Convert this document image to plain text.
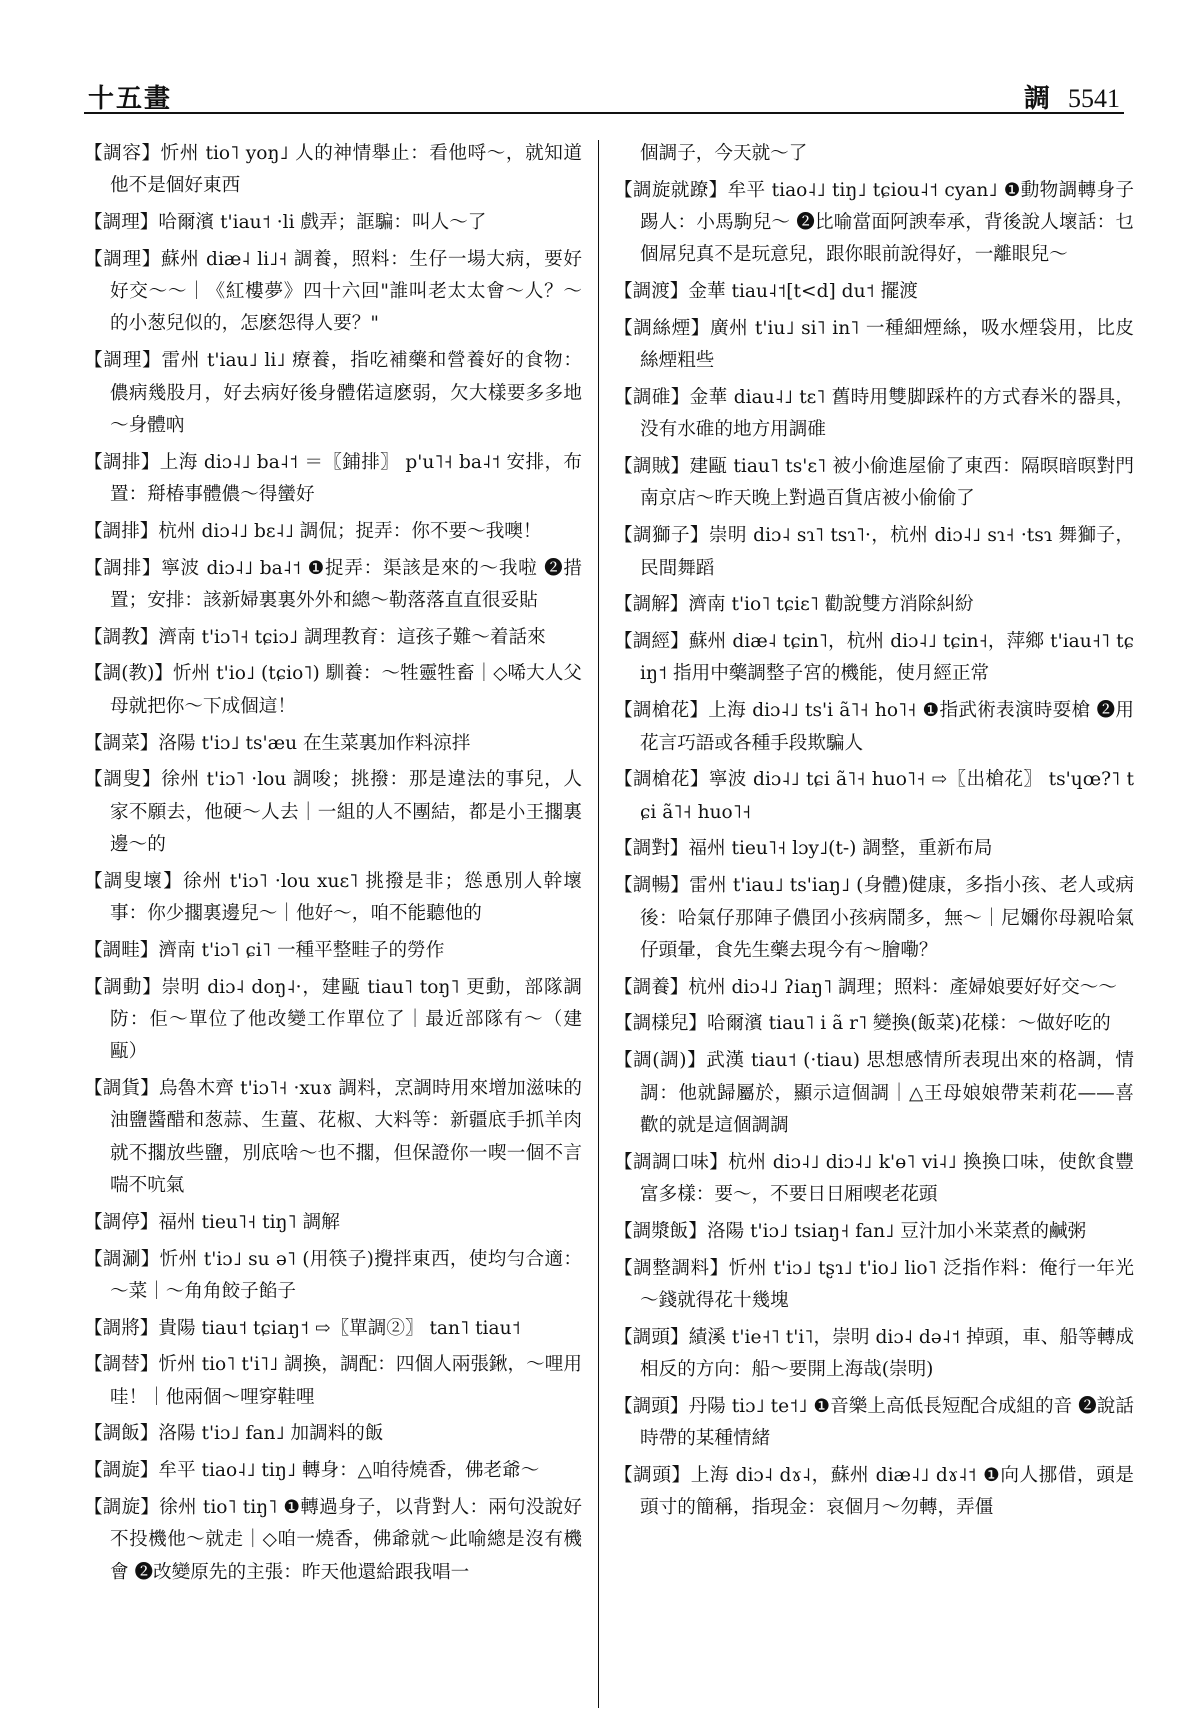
十五畫	調 5541

【調容】忻州 tio˥ yoŋ˩ 人的神情舉止：看他哷～，就知道他不是個好東西

【調理】哈爾濱 t'iau˦ ·li 戲弄；誆騙：叫人～了

【調理】蘇州 diæ˨ li˩˧ 調養，照料：生仔一場大病，要好好交～～｜《紅樓夢》四十六回"誰叫老太太會～人？～的小葱兒似的，怎麽怨得人要？"

【調理】雷州 t'iau˩ li˩ 療養，指吃補藥和營養好的食物：儂病幾股月，好去病好後身體偌這麽弱，欠大樣要多多地～身體吶

【調排】上海 diɔ˨˩ ba˨˦ ＝〖鋪排〗 p'u˥˧ ba˨˦ 安排，布置：搿椿事體儂～得蠻好

【調排】杭州 diɔ˨˩ bɛ˨˩ 調侃；捉弄：你不要～我噢！

【調排】寧波 diɔ˨˩ ba˨˦ ❶捉弄：渠該是來的～我啦 ❷措置；安排：該新婦裏裏外外和總～勒落落直直很妥貼

【調教】濟南 t'iɔ˥˧ tɕiɔ˩ 調理教育：這孩子難～着話來

【調(教)】忻州 t'io˩ (tɕio˥) 馴養：～牲靈牲畜｜◇唏大人父母就把你～下成個這！

【調菜】洛陽 t'iɔ˩ ts'æu 在生菜裏加作料涼拌

【調叟】徐州 t'iɔ˥ ·lou 調唆；挑撥：那是違法的事兒，人家不願去，他硬～人去｜一組的人不團結，都是小王擱裏邊～的

【調叟壞】徐州 t'iɔ˥ ·lou xuɛ˥ 挑撥是非；慫恿別人幹壞事：你少擱裏邊兒～｜他好～，咱不能聽他的

【調畦】濟南 t'iɔ˥ ɕi˥ 一種平整畦子的勞作

【調動】崇明 diɔ˨ doŋ˨·，建甌 tiau˥ toŋ˥ 更動，部隊調防：佢～單位了他改變工作單位了｜最近部隊有～（建甌）

【調貨】烏魯木齊 t'iɔ˥˧ ·xuɤ 調料，烹調時用來增加滋味的油鹽醬醋和葱蒜、生薑、花椒、大料等：新疆底手抓羊肉就不擱放些鹽，別底啥～也不擱，但保證你一喫一個不言喘不吭氣

【調停】福州 tieu˥˧ tiŋ˥ 調解

【調涮】忻州 t'iɔ˩ su ə˥ (用筷子)攪拌東西，使均勻合適：～菜｜～角角餃子餡子

【調將】貴陽 tiau˦ tɕiaŋ˦ ⇨〖單調②〗 tan˥ tiau˦

【調替】忻州 tio˥ t'i˥˩ 調換，調配：四個人兩張鍬，～哩用哇！｜他兩個～哩穿鞋哩

【調飯】洛陽 t'iɔ˩ fan˩ 加調料的飯

【調旋】牟平 tiao˨˩ tiŋ˩ 轉身：△咱待燒香，佛老爺～

【調旋】徐州 tio˥ tiŋ˥ ❶轉過身子，以背對人：兩句没說好不投機他～就走｜◇咱一燒香，佛爺就～此喻總是沒有機會 ❷改變原先的主張：昨天他還給跟我唱一

個調子，今天就～了

【調旋就蹽】牟平 tiao˨˩ tiŋ˩ tɕiou˨˦ cyan˩ ❶動物調轉身子踢人：小馬駒兒～ ❷比喻當面阿諛奉承，背後說人壞話：乜個屌兒真不是玩意兒，跟你眼前說得好，一離眼兒～

【調渡】金華 tiau˨˦[t<d] du˦ 擺渡

【調絲煙】廣州 t'iu˩ si˥ in˥ 一種細煙絲，吸水煙袋用，比皮絲煙粗些

【調碓】金華 diau˨˩ tɛ˥ 舊時用雙脚踩杵的方式舂米的器具，没有水碓的地方用調碓

【調賊】建甌 tiau˥ ts'ɛ˥ 被小偷進屋偷了東西：隔暝暗暝對門南京店～昨天晚上對過百貨店被小偷偷了

【調獅子】崇明 diɔ˨ sɿ˥ tsɿ˥·，杭州 diɔ˨˩ sɿ˧ ·tsɿ 舞獅子，民間舞蹈

【調解】濟南 t'io˥ tɕiɛ˥ 勸說雙方消除糾紛

【調經】蘇州 diæ˨ tɕin˥，杭州 diɔ˨˩ tɕin˧，萍鄉 t'iau˧˥ tɕiŋ˦ 指用中藥調整子宮的機能，使月經正常

【調槍花】上海 diɔ˨˩ ts'i ã˥˧ ho˥˧ ❶指武術表演時耍槍 ❷用花言巧語或各種手段欺騙人

【調槍花】寧波 diɔ˨˩ tɕi ã˥˧ huo˥˧ ⇨〖出槍花〗 ts'ɥœ?˥ tɕi ã˥˧ huo˥˧

【調對】福州 tieu˥˧ lɔy˩(t-) 調整，重新布局

【調暢】雷州 t'iau˩ ts'iaŋ˩ (身體)健康，多指小孩、老人或病後：哈氣仔那陣子儂囝小孩病鬧多，無～｜尼嬭你母親哈氣仔頭暈，食先生藥去現今有～膾嘞？

【調養】杭州 diɔ˨˩ ʔiaŋ˥ 調理；照料：產婦娘要好好交～～

【調樣兒】哈爾濱 tiau˥ i ã r˥ 變換(飯菜)花樣：～做好吃的

【調(調)】武漢 tiau˦ (·tiau) 思想感情所表現出來的格調，情調：他就歸屬於，顯示這個調｜△王母娘娘帶茉莉花——喜歡的就是這個調調

【調調口味】杭州 diɔ˨˩ diɔ˨˩ k'ɵ˥ vi˨˩ 換換口味，使飲食豐富多樣：要～，不要日日厢喫老花頭

【調漿飯】洛陽 t'iɔ˩ tsiaŋ˧ fan˩ 豆汁加小米菜煮的鹹粥

【調整調料】忻州 t'iɔ˩ tʂɿ˩ t'io˩ lio˥ 泛指作料：俺行一年光～錢就得花十幾塊

【調頭】績溪 t'ie˧˥ t'i˥，崇明 diɔ˨ də˨˦ 掉頭，車、船等轉成相反的方向：船～要開上海哉(崇明)

【調頭】丹陽 tiɔ˩ te˦˩ ❶音樂上高低長短配合成組的音 ❷說話時帶的某種情緒

【調頭】上海 diɔ˨ dɤ˨，蘇州 diæ˨˩ dɤ˨˦ ❶向人挪借，頭是頭寸的簡稱，指現金：哀個月～勿轉，弄僵
